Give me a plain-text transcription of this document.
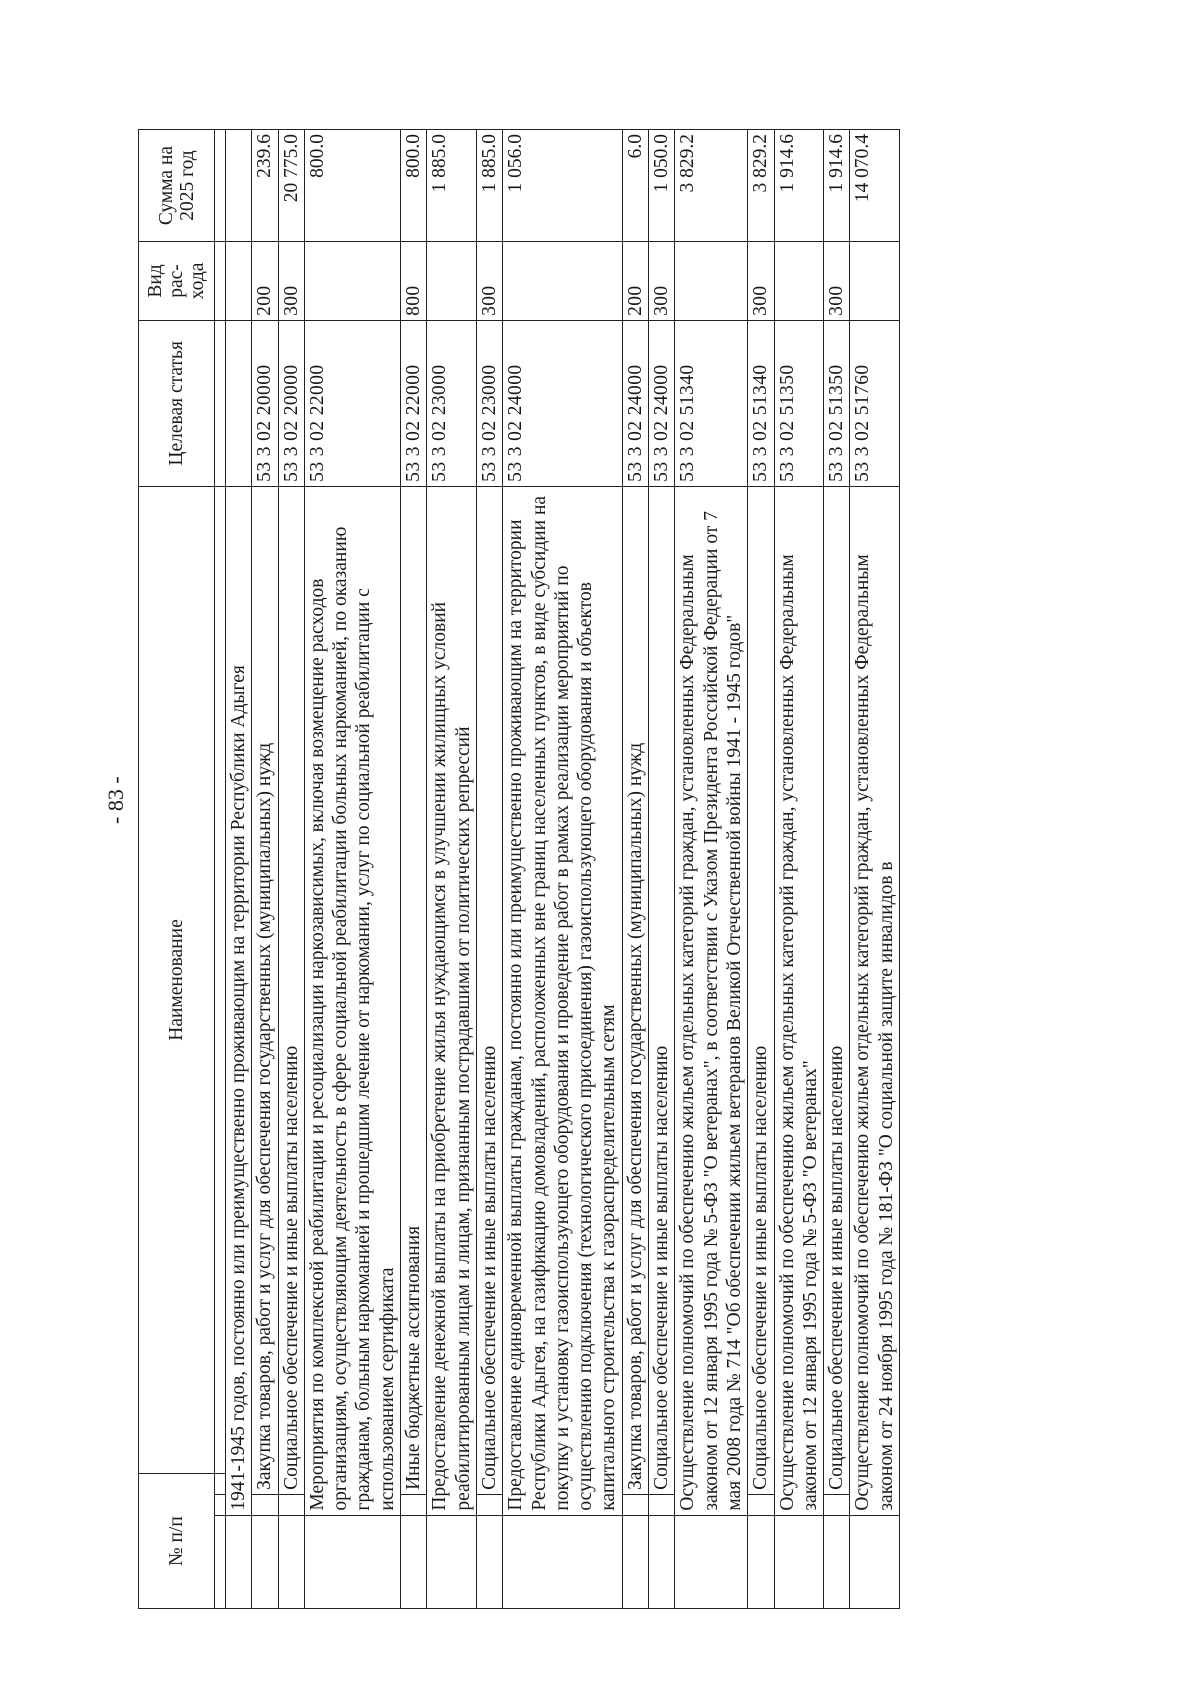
- 83 -
№ п/п			Наименование	Целевая статья	Вид рас-хода	Сумма на 2025 год

	1941-1945 годов, постоянно или преимущественно проживающим на территории Республики Адыгея					
		Закупка товаров, работ и услуг для обеспечения государственных (муниципальных) нужд		53 3 02 20000	200	239.6
		Социальное обеспечение и иные выплаты населению		53 3 02 20000	300	20 775.0
	Мероприятия по комплексной реабилитации и ресоциализации наркозависимых, включая возмещение расходов организациям, осуществляющим деятельность в сфере социальной реабилитации больных наркоманией, по оказанию гражданам, больным наркоманией и прошедшим лечение от наркомании, услуг по социальной реабилитации с использованием сертификата			53 3 02 22000		800.0
		Иные бюджетные ассигнования		53 3 02 22000	800	800.0
	Предоставление денежной выплаты на приобретение жилья нуждающимся в улучшении жилищных условий реабилитированным лицам и лицам, признанным пострадавшими от политических репрессий			53 3 02 23000		1 885.0
		Социальное обеспечение и иные выплаты населению		53 3 02 23000	300	1 885.0
	Предоставление единовременной выплаты гражданам, постоянно или преимущественно проживающим на территории Республики Адыгея, на газификацию домовладений, расположенных вне границ населенных пунктов, в виде субсидии на покупку и установку газоиспользующего оборудования и проведение работ в рамках реализации мероприятий по осуществлению подключения (технологического присоединения) газоиспользующего оборудования и объектов капитального строительства к газораспределительным сетям			53 3 02 24000		1 056.0
		Закупка товаров, работ и услуг для обеспечения государственных (муниципальных) нужд		53 3 02 24000	200	6.0
		Социальное обеспечение и иные выплаты населению		53 3 02 24000	300	1 050.0
	Осуществление полномочий по обеспечению жильем отдельных категорий граждан, установленных Федеральным законом от 12 января 1995 года № 5-ФЗ "О ветеранах", в соответствии с Указом Президента Российской Федерации от 7 мая 2008 года № 714 "Об обеспечении жильем ветеранов Великой Отечественной войны 1941 - 1945 годов"			53 3 02 51340		3 829.2
		Социальное обеспечение и иные выплаты населению		53 3 02 51340	300	3 829.2
	Осуществление полномочий по обеспечению жильем отдельных категорий граждан, установленных Федеральным законом от 12 января 1995 года № 5-ФЗ "О ветеранах"			53 3 02 51350		1 914.6
		Социальное обеспечение и иные выплаты населению		53 3 02 51350	300	1 914.6
	Осуществление полномочий по обеспечению жильем отдельных категорий граждан, установленных Федеральным законом от 24 ноября 1995 года № 181-ФЗ "О социальной защите инвалидов в			53 3 02 51760		14 070.4
